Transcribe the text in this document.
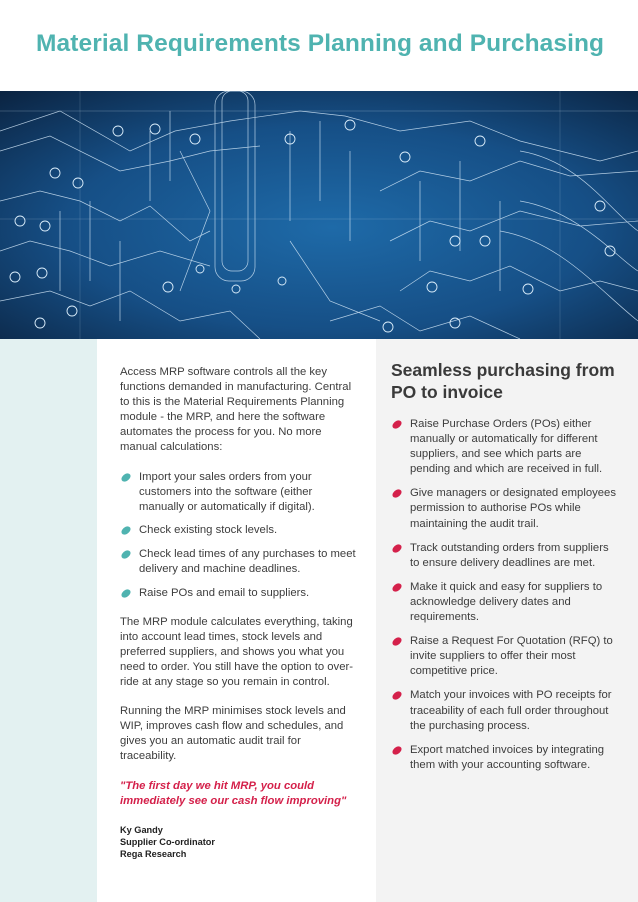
Material Requirements Planning and Purchasing

Access MRP software controls all the key functions demanded in manufacturing. Central to this is the Material Requirements Planning module - the MRP, and here the software automates the process for you. No more manual calculations:

Import your sales orders from your customers into the software (either manually or automatically if digital).
Check existing stock levels.
Check lead times of any purchases to meet delivery and machine deadlines.
Raise POs and email to suppliers.

The MRP module calculates everything, taking into account lead times, stock levels and preferred suppliers, and shows you what you need to order. You still have the option to over-ride at any stage so you remain in control.

Running the MRP minimises stock levels and WIP, improves cash flow and schedules, and gives you an automatic audit trail for traceability.

"The first day we hit MRP, you could immediately see our cash flow improving"

Ky Gandy
Supplier Co-ordinator
Rega Research
Seamless purchasing from PO to invoice
Raise Purchase Orders (POs) either manually or automatically for different suppliers, and see which parts are pending and which are received in full.
Give managers or designated employees permission to authorise POs while maintaining the audit trail.
Track outstanding orders from suppliers to ensure delivery deadlines are met.
Make it quick and easy for suppliers to acknowledge delivery dates and requirements.
Raise a Request For Quotation (RFQ) to invite suppliers to offer their most competitive price.
Match your invoices with PO receipts for traceability of each full order throughout the purchasing process.
Export matched invoices by integrating them with your accounting software.
